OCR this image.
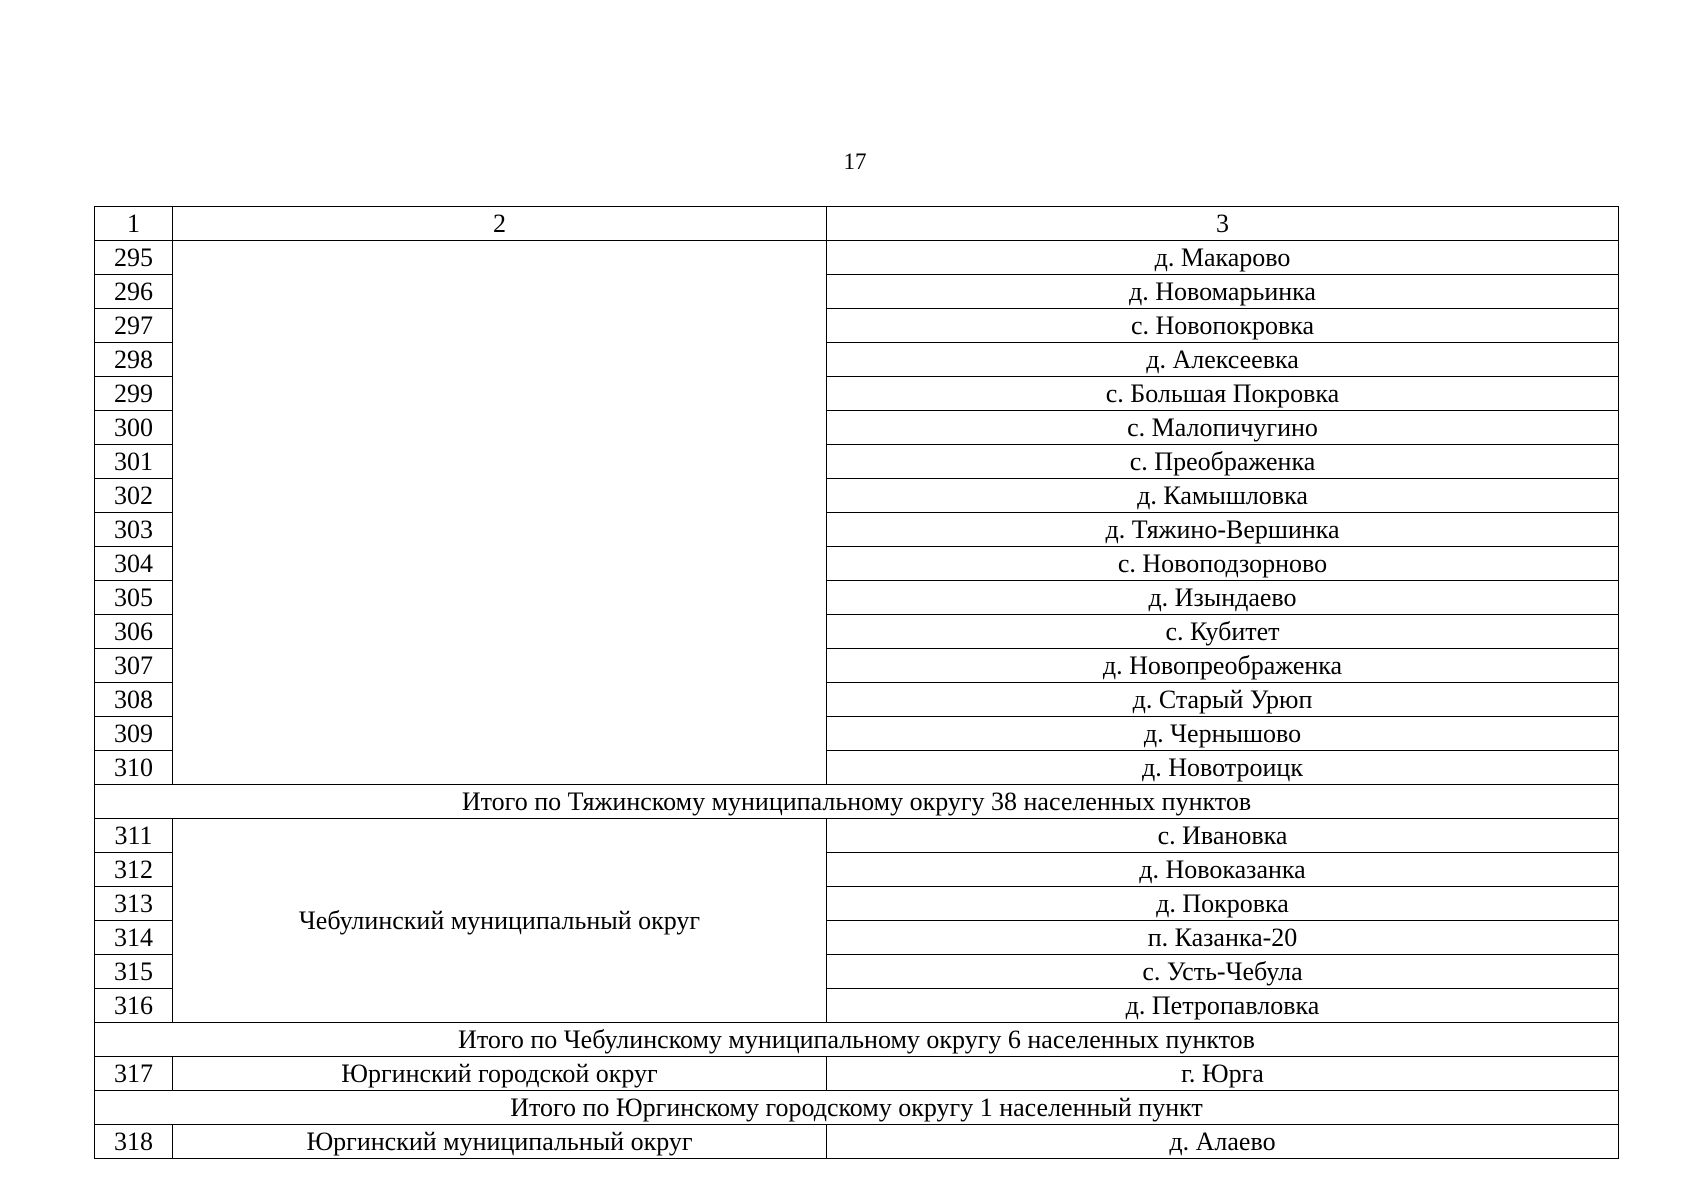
17
1	2	3
295		д. Макарово
296		д. Новомарьинка
297		с. Новопокровка
298		д. Алексеевка
299		с. Большая Покровка
300		с. Малопичугино
301		с. Преображенка
302		д. Камышловка
303		д. Тяжино-Вершинка
304		с. Новоподзорново
305		д. Изындаево
306		с. Кубитет
307		д. Новопреображенка
308		д. Старый Урюп
309		д. Чернышово
310		д. Новотроицк
Итого по Тяжинскому муниципальному округу 38 населенных пунктов		
311	Чебулинский муниципальный округ	с. Ивановка
312		д. Новоказанка
313		д. Покровка
314		п. Казанка-20
315		с. Усть-Чебула
316		д. Петропавловка
Итого по Чебулинскому муниципальному округу 6 населенных пунктов		
317	Юргинский городской округ	г. Юрга
Итого по Юргинскому городскому округу 1 населенный пункт		
318	Юргинский муниципальный округ	д. Алаево
